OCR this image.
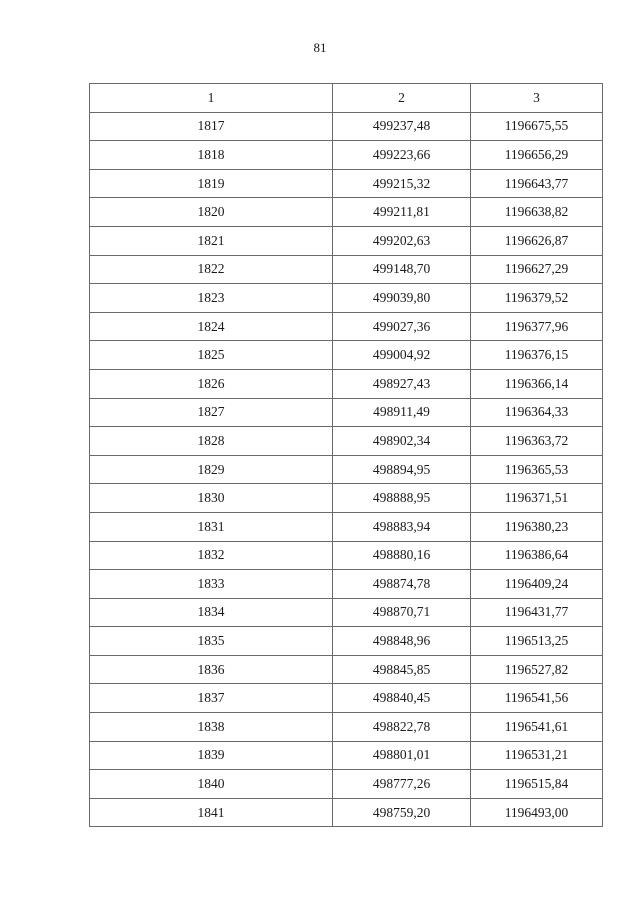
81
1	2	3
1817	499237,48	1196675,55
1818	499223,66	1196656,29
1819	499215,32	1196643,77
1820	499211,81	1196638,82
1821	499202,63	1196626,87
1822	499148,70	1196627,29
1823	499039,80	1196379,52
1824	499027,36	1196377,96
1825	499004,92	1196376,15
1826	498927,43	1196366,14
1827	498911,49	1196364,33
1828	498902,34	1196363,72
1829	498894,95	1196365,53
1830	498888,95	1196371,51
1831	498883,94	1196380,23
1832	498880,16	1196386,64
1833	498874,78	1196409,24
1834	498870,71	1196431,77
1835	498848,96	1196513,25
1836	498845,85	1196527,82
1837	498840,45	1196541,56
1838	498822,78	1196541,61
1839	498801,01	1196531,21
1840	498777,26	1196515,84
1841	498759,20	1196493,00
